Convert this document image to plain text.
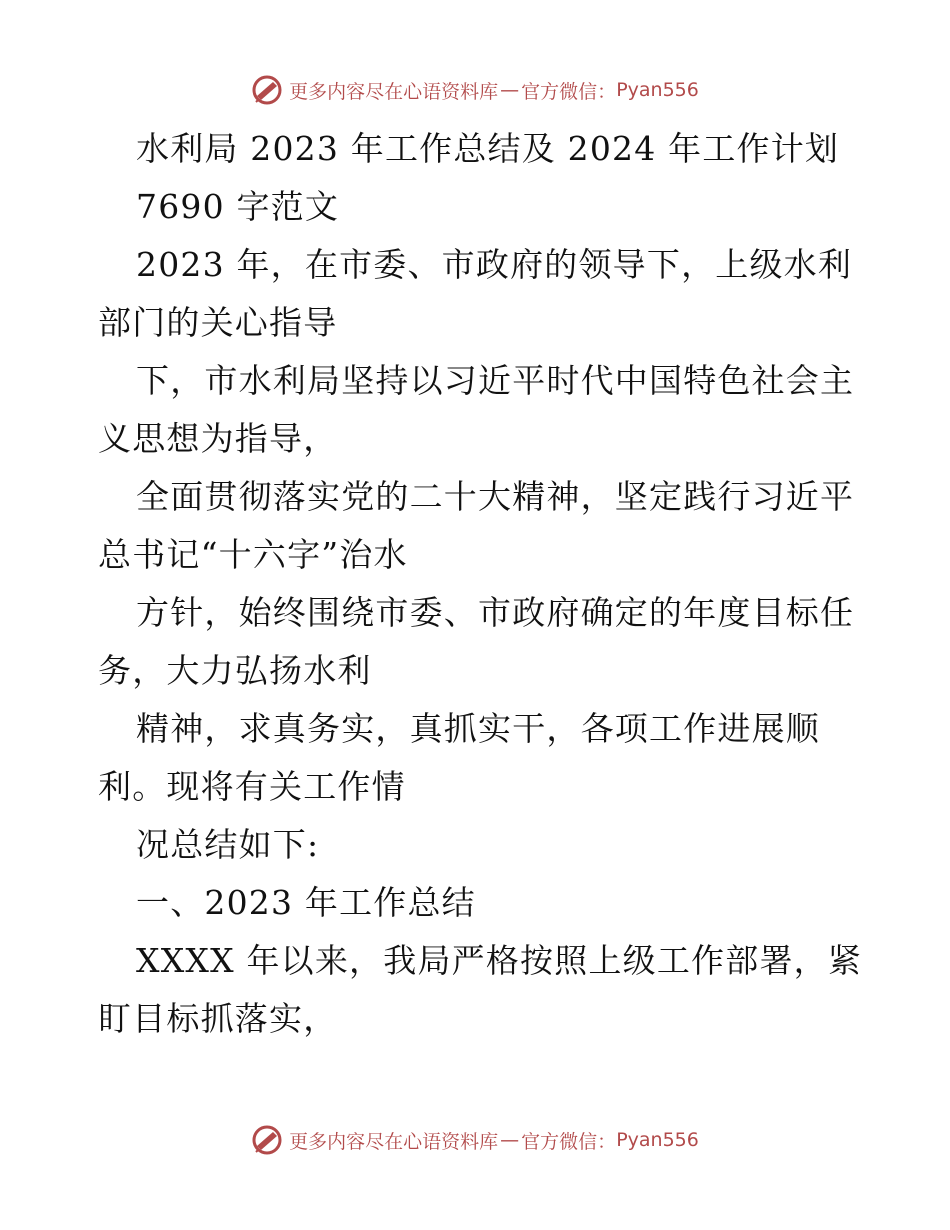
更多内容尽在心语资料库 — 官方微信： Pyan556
水利局 2023 年工作总结及 2024 年工作计划
7690 字范文
2023 年，在市委、市政府的领导下，上级水利
部门的关心指导
下，市水利局坚持以习近平时代中国特色社会主
义思想为指导，
全面贯彻落实党的二十大精神，坚定践行习近平
总书记“十六字”治水
方针，始终围绕市委、市政府确定的年度目标任
务，大力弘扬水利
精神，求真务实，真抓实干，各项工作进展顺
利。现将有关工作情
况总结如下:
一、2023 年工作总结
XXXX 年以来，我局严格按照上级工作部署，紧
盯目标抓落实，
更多内容尽在心语资料库 — 官方微信： Pyan556
